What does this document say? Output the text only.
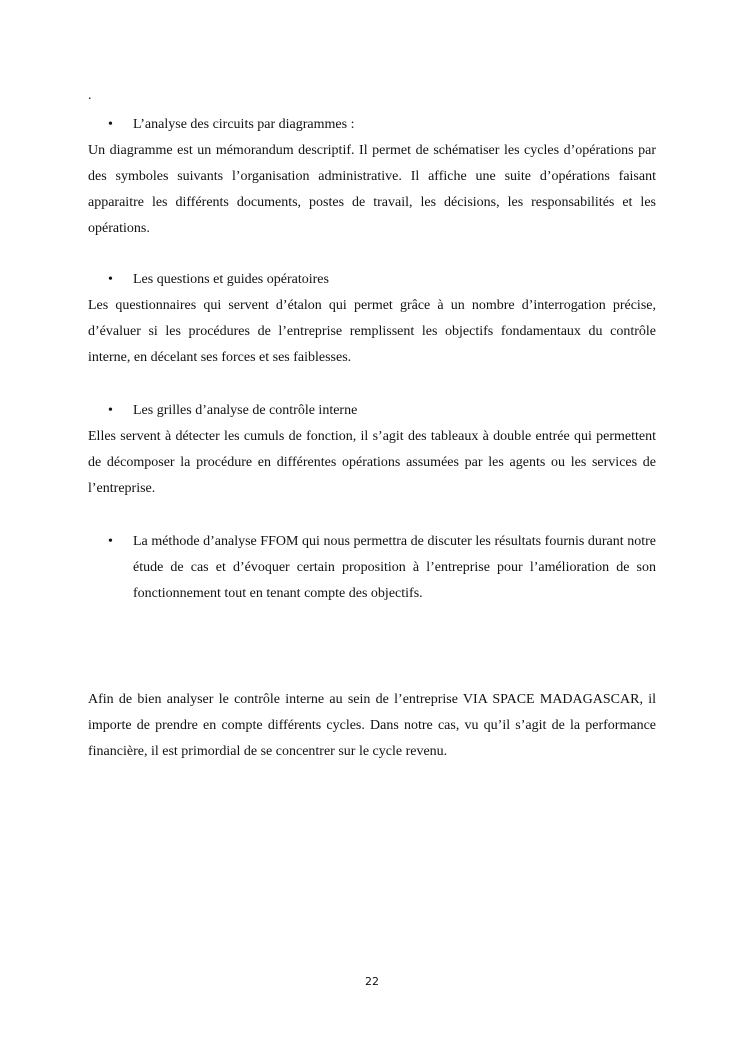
.
• L’analyse des circuits par diagrammes :

Un diagramme est un mémorandum descriptif. Il permet de schématiser les cycles d’opérations par des symboles suivants l’organisation administrative. Il affiche une suite d’opérations faisant apparaitre les différents documents, postes de travail, les décisions, les responsabilités et les opérations.

• Les questions et guides opératoires

Les questionnaires qui servent d’étalon qui permet grâce à un nombre d’interrogation précise, d’évaluer si les procédures de l’entreprise remplissent les objectifs fondamentaux du contrôle interne, en décelant ses forces et ses faiblesses.

• Les grilles d’analyse de contrôle interne

Elles servent à détecter les cumuls de fonction, il s’agit des tableaux à double entrée qui permettent de décomposer la procédure en différentes opérations assumées par les agents ou les services de l’entreprise.

• La méthode d’analyse FFOM qui nous permettra de discuter les résultats fournis durant notre étude de cas et d’évoquer certain proposition à l’entreprise pour l’amélioration de son fonctionnement tout en tenant compte des objectifs.

Afin de bien analyser le contrôle interne au sein de l’entreprise VIA SPACE MADAGASCAR, il importe de prendre en compte différents cycles. Dans notre cas, vu qu’il s’agit de la performance financière, il est primordial de se concentrer sur le cycle revenu.

22
